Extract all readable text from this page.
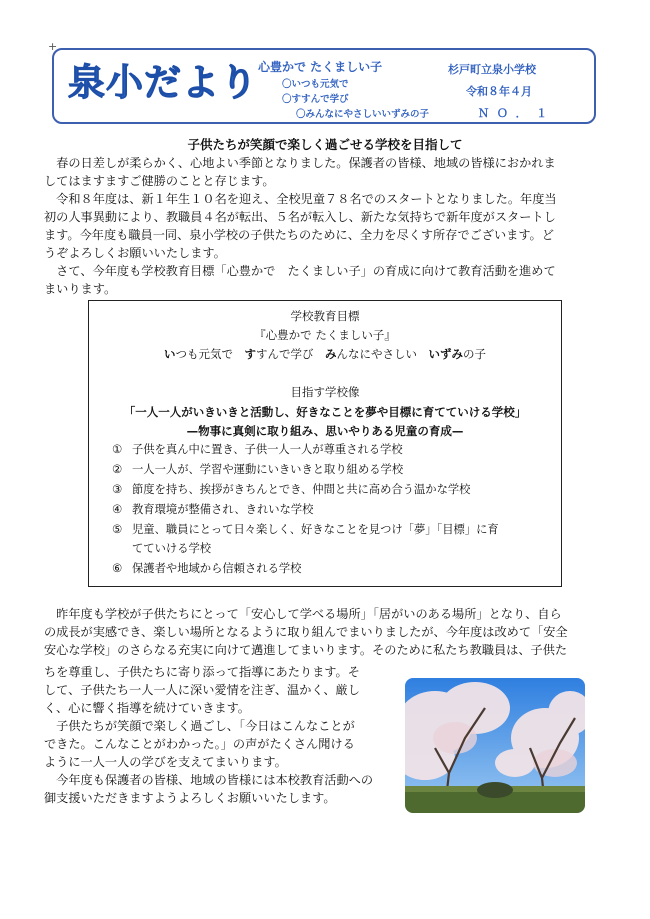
+
泉小だより 心豊かで たくましい子
〇いつも元気で
〇すすんで学び
〇みんなにやさしいいずみの子
杉戸町立泉小学校
令和８年４月
Ｎ Ｏ ．　１
子供たちが笑顔で楽しく過ごせる学校を目指して
　春の日差しが柔らかく、心地よい季節となりました。保護者の皆様、地域の皆様におかれま
してはますますご健勝のことと存じます。
　令和８年度は、新１年生１０名を迎え、全校児童７８名でのスタートとなりました。年度当
初の人事異動により、教職員４名が転出、５名が転入し、新たな気持ちで新年度がスタートし
ます。今年度も職員一同、泉小学校の子供たちのために、全力を尽くす所存でございます。ど
うぞよろしくお願いいたします。
　さて、今年度も学校教育目標「心豊かで　たくましい子」の育成に向けて教育活動を進めて
まいります。
学校教育目標
『心豊かで たくましい子』
いつも元気で　すすんで学び　みんなにやさしい　いずみの子
目指す学校像
「一人一人がいきいきと活動し、好きなことを夢や目標に育てていける学校」
—物事に真剣に取り組み、思いやりある児童の育成—
① 子供を真ん中に置き、子供一人一人が尊重される学校
② 一人一人が、学習や運動にいきいきと取り組める学校
③ 節度を持ち、挨拶がきちんとでき、仲間と共に高め合う温かな学校
④ 教育環境が整備され、きれいな学校
⑤ 児童、職員にとって日々楽しく、好きなことを見つけ「夢」「目標」に育
てていける学校
⑥ 保護者や地域から信頼される学校
　昨年度も学校が子供たちにとって「安心して学べる場所」「居がいのある場所」となり、自ら
の成長が実感でき、楽しい場所となるように取り組んでまいりましたが、今年度は改めて「安全
安心な学校」のさらなる充実に向けて邁進してまいります。そのために私たち教職員は、子供た
ちを尊重し、子供たちに寄り添って指導にあたります。そ
して、子供たち一人一人に深い愛情を注ぎ、温かく、厳し
く、心に響く指導を続けていきます。
　子供たちが笑顔で楽しく過ごし、「今日はこんなことが
できた。こんなことがわかった。」の声がたくさん聞ける
ように一人一人の学びを支えてまいります。
　今年度も保護者の皆様、地域の皆様には本校教育活動への
御支援いただきますようよろしくお願いいたします。
